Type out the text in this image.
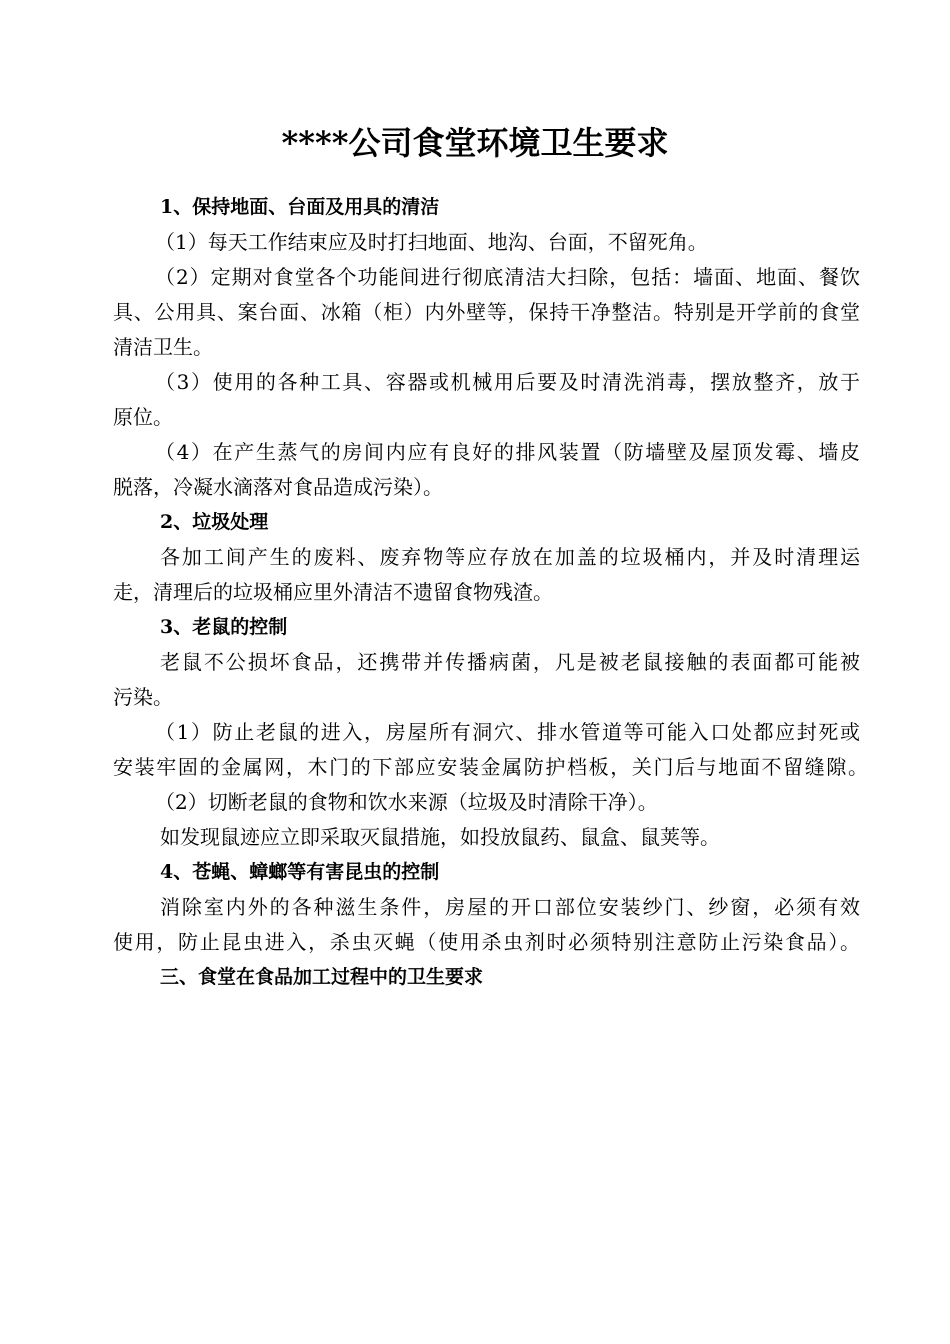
****公司食堂环境卫生要求
1、保持地面、台面及用具的清洁
（1）每天工作结束应及时打扫地面、地沟、台面，不留死角。
（2）定期对食堂各个功能间进行彻底清洁大扫除，包括：墙面、地面、餐饮
具、公用具、案台面、冰箱（柜）内外壁等，保持干净整洁。特别是开学前的食堂
清洁卫生。
（3）使用的各种工具、容器或机械用后要及时清洗消毒，摆放整齐，放于
原位。
（4）在产生蒸气的房间内应有良好的排风装置（防墙壁及屋顶发霉、墙皮
脱落，冷凝水滴落对食品造成污染）。
2、垃圾处理
各加工间产生的废料、废弃物等应存放在加盖的垃圾桶内，并及时清理运
走，清理后的垃圾桶应里外清洁不遗留食物残渣。
3、老鼠的控制
老鼠不公损坏食品，还携带并传播病菌，凡是被老鼠接触的表面都可能被
污染。
（1）防止老鼠的进入，房屋所有洞穴、排水管道等可能入口处都应封死或
安装牢固的金属网，木门的下部应安装金属防护档板，关门后与地面不留缝隙。
（2）切断老鼠的食物和饮水来源（垃圾及时清除干净）。
如发现鼠迹应立即采取灭鼠措施，如投放鼠药、鼠盒、鼠荚等。
4、苍蝇、蟑螂等有害昆虫的控制
消除室内外的各种滋生条件，房屋的开口部位安装纱门、纱窗，必须有效
使用，防止昆虫进入，杀虫灭蝇（使用杀虫剂时必须特别注意防止污染食品）。
三、食堂在食品加工过程中的卫生要求
